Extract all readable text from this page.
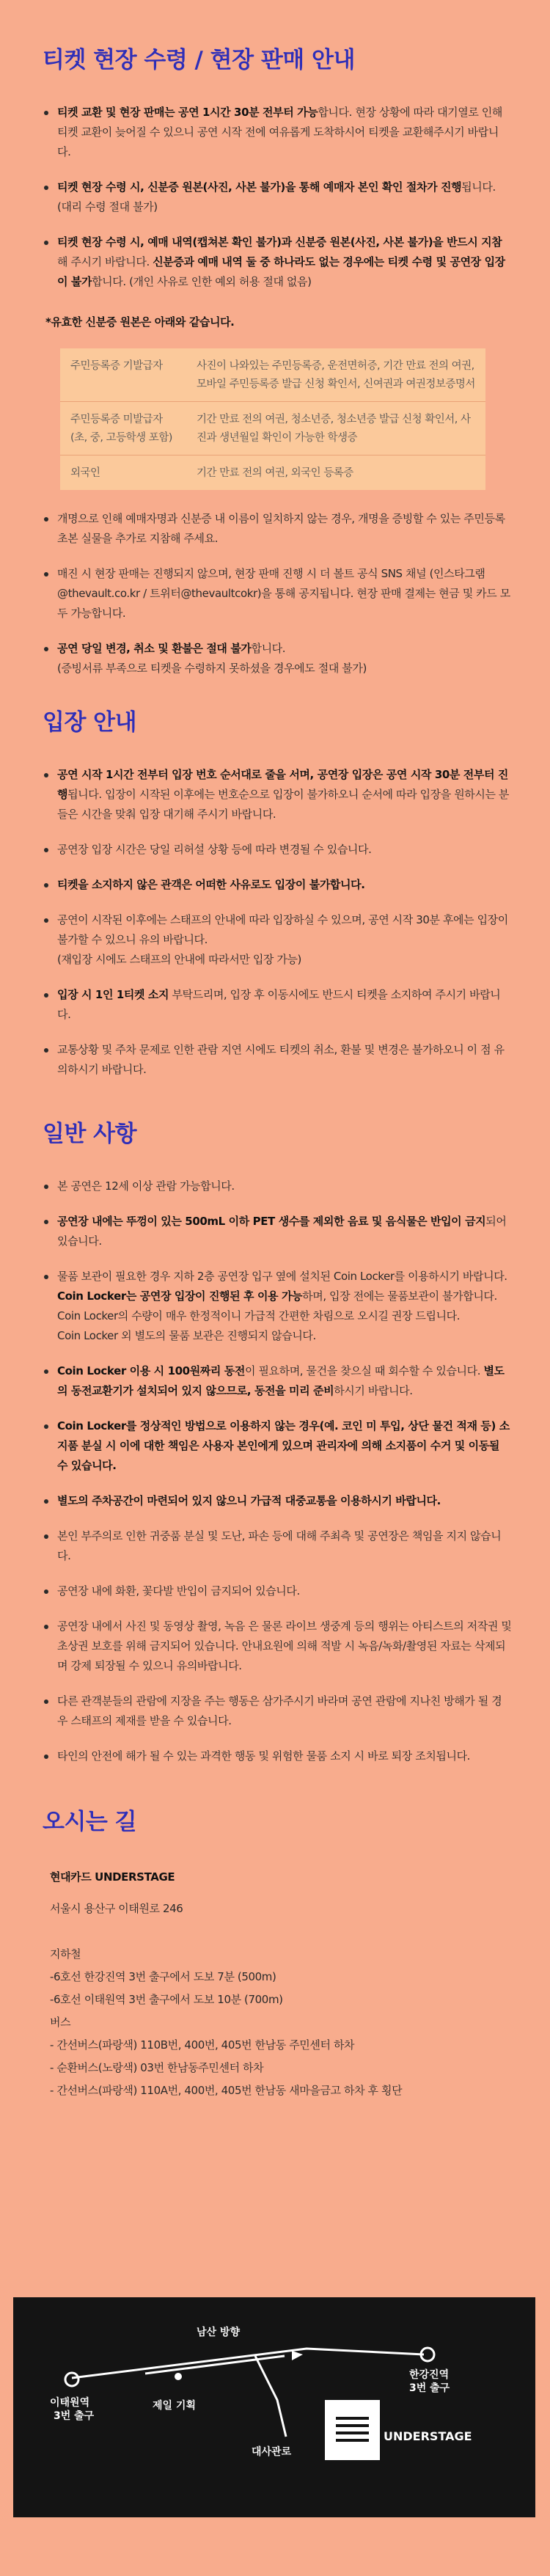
티켓 현장 수령 / 현장 판매 안내
티켓 교환 및 현장 판매는 공연 1시간 30분 전부터 가능합니다. 현장 상황에 따라 대기열로 인해 티켓 교환이 늦어질 수 있으니 공연 시작 전에 여유롭게 도착하시어 티켓을 교환해주시기 바랍니다.
티켓 현장 수령 시, 신분증 원본(사진, 사본 불가)을 통해 예매자 본인 확인 절차가 진행됩니다. (대리 수령 절대 불가)
티켓 현장 수령 시, 예매 내역(캡쳐본 확인 불가)과 신분증 원본(사진, 사본 불가)을 반드시 지참해 주시기 바랍니다. 신분증과 예매 내역 둘 중 하나라도 없는 경우에는 티켓 수령 및 공연장 입장이 불가합니다. (개인 사유로 인한 예외 허용 절대 없음)
*유효한 신분증 원본은 아래와 같습니다.
주민등록증 기발급자	사진이 나와있는 주민등록증, 운전면허증, 기간 만료 전의 여권, 모바일 주민등록증 발급 신청 확인서, 신여권과 여권정보증명서
주민등록증 미발급자 (초, 중, 고등학생 포함)	기간 만료 전의 여권, 청소년증, 청소년증 발급 신청 확인서, 사진과 생년월일 확인이 가능한 학생증
외국인	기간 만료 전의 여권, 외국인 등록증
개명으로 인해 예매자명과 신분증 내 이름이 일치하지 않는 경우, 개명을 증빙할 수 있는 주민등록 초본 실물을 추가로 지참해 주세요.
매진 시 현장 판매는 진행되지 않으며, 현장 판매 진행 시 더 볼트 공식 SNS 채널 (인스타그램 @thevault.co.kr / 트위터@thevaultcokr)을 통해 공지됩니다. 현장 판매 결제는 현금 및 카드 모두 가능합니다.
공연 당일 변경, 취소 및 환불은 절대 불가합니다.
(증빙서류 부족으로 티켓을 수령하지 못하셨을 경우에도 절대 불가)
입장 안내
공연 시작 1시간 전부터 입장 번호 순서대로 줄을 서며, 공연장 입장은 공연 시작 30분 전부터 진행됩니다. 입장이 시작된 이후에는 번호순으로 입장이 불가하오니 순서에 따라 입장을 원하시는 분들은 시간을 맞춰 입장 대기해 주시기 바랍니다.
공연장 입장 시간은 당일 리허설 상황 등에 따라 변경될 수 있습니다.
티켓을 소지하지 않은 관객은 어떠한 사유로도 입장이 불가합니다.
공연이 시작된 이후에는 스태프의 안내에 따라 입장하실 수 있으며, 공연 시작 30분 후에는 입장이 불가할 수 있으니 유의 바랍니다.
(재입장 시에도 스태프의 안내에 따라서만 입장 가능)
입장 시 1인 1티켓 소지 부탁드리며, 입장 후 이동시에도 반드시 티켓을 소지하여 주시기 바랍니다.
교통상황 및 주차 문제로 인한 관람 지연 시에도 티켓의 취소, 환불 및 변경은 불가하오니 이 점 유의하시기 바랍니다.
일반 사항
본 공연은 12세 이상 관람 가능합니다.
공연장 내에는 뚜껑이 있는 500mL 이하 PET 생수를 제외한 음료 및 음식물은 반입이 금지되어 있습니다.
물품 보관이 필요한 경우 지하 2층 공연장 입구 옆에 설치된 Coin Locker를 이용하시기 바랍니다. Coin Locker는 공연장 입장이 진행된 후 이용 가능하며, 입장 전에는 물품보관이 불가합니다. Coin Locker의 수량이 매우 한정적이니 가급적 간편한 차림으로 오시길 권장 드립니다.
Coin Locker 외 별도의 물품 보관은 진행되지 않습니다.
Coin Locker 이용 시 100원짜리 동전이 필요하며, 물건을 찾으실 때 회수할 수 있습니다. 별도의 동전교환기가 설치되어 있지 않으므로, 동전을 미리 준비하시기 바랍니다.
Coin Locker를 정상적인 방법으로 이용하지 않는 경우(예. 코인 미 투입, 상단 물건 적재 등) 소지품 분실 시 이에 대한 책임은 사용자 본인에게 있으며 관리자에 의해 소지품이 수거 및 이동될 수 있습니다.
별도의 주차공간이 마련되어 있지 않으니 가급적 대중교통을 이용하시기 바랍니다.
본인 부주의로 인한 귀중품 분실 및 도난, 파손 등에 대해 주최측 및 공연장은 책임을 지지 않습니다.
공연장 내에 화환, 꽃다발 반입이 금지되어 있습니다.
공연장 내에서 사진 및 동영상 촬영, 녹음 은 물론 라이브 생중계 등의 행위는 아티스트의 저작권 및 초상권 보호를 위해 금지되어 있습니다. 안내요원에 의해 적발 시 녹음/녹화/촬영된 자료는 삭제되며 강제 퇴장될 수 있으니 유의바랍니다.
다른 관객분들의 관람에 지장을 주는 행동은 삼가주시기 바라며 공연 관람에 지나친 방해가 될 경우 스태프의 제재를 받을 수 있습니다.
타인의 안전에 해가 될 수 있는 과격한 행동 및 위험한 물품 소지 시 바로 퇴장 조치됩니다.
오시는 길

현대카드 UNDERSTAGE

서울시 용산구 이태원로 246

지하철

-6호선 한강진역 3번 출구에서 도보 7분 (500m)

-6호선 이태원역 3번 출구에서 도보 10분 (700m)

버스

- 간선버스(파랑색) 110B번, 400번, 405번 한남동 주민센터 하차

- 순환버스(노랑색) 03번 한남동주민센터 하차

- 간선버스(파랑색) 110A번, 400번, 405번 한남동 새마을금고 하차 후 횡단

남산 방향
이태원역
3번 출구
제일 기획
대사관로
UNDERSTAGE
한강진역
3번 출구
